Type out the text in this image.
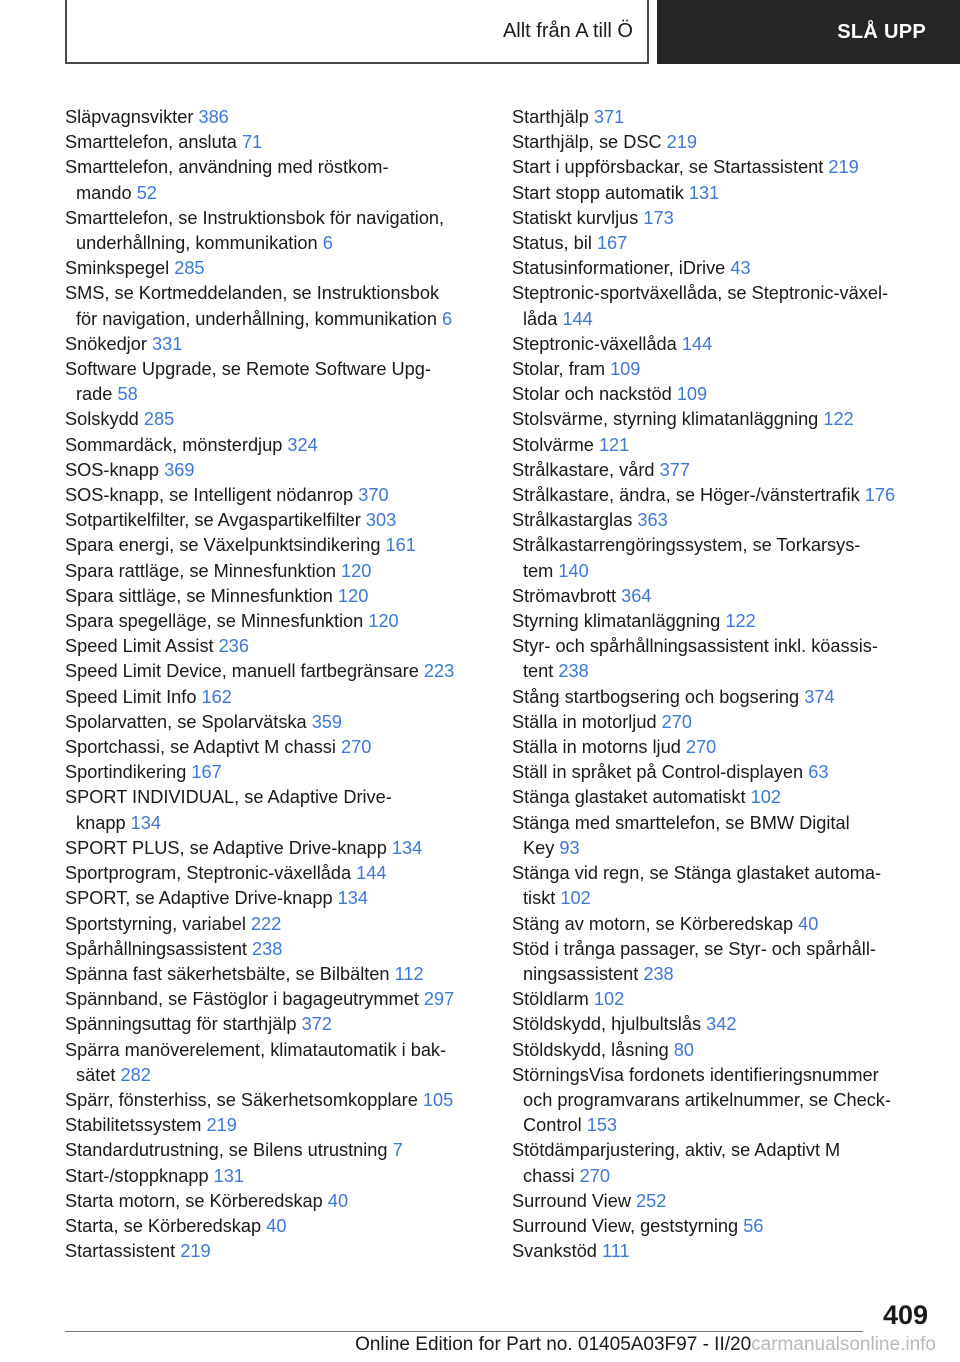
Allt från A till Ö	SLÅ UPP
Släpvagnsvikter 386
Smarttelefon, ansluta 71
Smarttelefon, användning med röstkom-
mando 52
Smarttelefon, se Instruktionsbok för navigation,
underhållning, kommunikation 6
Sminkspegel 285
SMS, se Kortmeddelanden, se Instruktionsbok
för navigation, underhållning, kommunikation 6
Snökedjor 331
Software Upgrade, se Remote Software Upg-
rade 58
Solskydd 285
Sommardäck, mönsterdjup 324
SOS-knapp 369
SOS-knapp, se Intelligent nödanrop 370
Sotpartikelfilter, se Avgaspartikelfilter 303
Spara energi, se Växelpunktsindikering 161
Spara rattläge, se Minnesfunktion 120
Spara sittläge, se Minnesfunktion 120
Spara spegelläge, se Minnesfunktion 120
Speed Limit Assist 236
Speed Limit Device, manuell fartbegränsare 223
Speed Limit Info 162
Spolarvatten, se Spolarvätska 359
Sportchassi, se Adaptivt M chassi 270
Sportindikering 167
SPORT INDIVIDUAL, se Adaptive Drive-
knapp 134
SPORT PLUS, se Adaptive Drive-knapp 134
Sportprogram, Steptronic-växellåda 144
SPORT, se Adaptive Drive-knapp 134
Sportstyrning, variabel 222
Spårhållningsassistent 238
Spänna fast säkerhetsbälte, se Bilbälten 112
Spännband, se Fästöglor i bagageutrymmet 297
Spänningsuttag för starthjälp 372
Spärra manöverelement, klimatautomatik i bak-
sätet 282
Spärr, fönsterhiss, se Säkerhetsomkopplare 105
Stabilitetssystem 219
Standardutrustning, se Bilens utrustning 7
Start-/stoppknapp 131
Starta motorn, se Körberedskap 40
Starta, se Körberedskap 40
Startassistent 219
Starthjälp 371
Starthjälp, se DSC 219
Start i uppförsbackar, se Startassistent 219
Start stopp automatik 131
Statiskt kurvljus 173
Status, bil 167
Statusinformationer, iDrive 43
Steptronic-sportväxellåda, se Steptronic-växel-
låda 144
Steptronic-växellåda 144
Stolar, fram 109
Stolar och nackstöd 109
Stolsvärme, styrning klimatanläggning 122
Stolvärme 121
Strålkastare, vård 377
Strålkastare, ändra, se Höger-/vänstertrafik 176
Strålkastarglas 363
Strålkastarrengöringssystem, se Torkarsys-
tem 140
Strömavbrott 364
Styrning klimatanläggning 122
Styr- och spårhållningsassistent inkl. köassis-
tent 238
Stång startbogsering och bogsering 374
Ställa in motorljud 270
Ställa in motorns ljud 270
Ställ in språket på Control-displayen 63
Stänga glastaket automatiskt 102
Stänga med smarttelefon, se BMW Digital
Key 93
Stänga vid regn, se Stänga glastaket automa-
tiskt 102
Stäng av motorn, se Körberedskap 40
Stöd i trånga passager, se Styr- och spårhåll-
ningsassistent 238
Stöldlarm 102
Stöldskydd, hjulbultslås 342
Stöldskydd, låsning 80
StörningsVisa fordonets identifieringsnummer
och programvarans artikelnummer, se Check-
Control 153
Stötdämparjustering, aktiv, se Adaptivt M
chassi 270
Surround View 252
Surround View, geststyrning 56
Svankstöd 111
409
Online Edition for Part no. 01405A03F97 - II/20carmanualsonline.info
